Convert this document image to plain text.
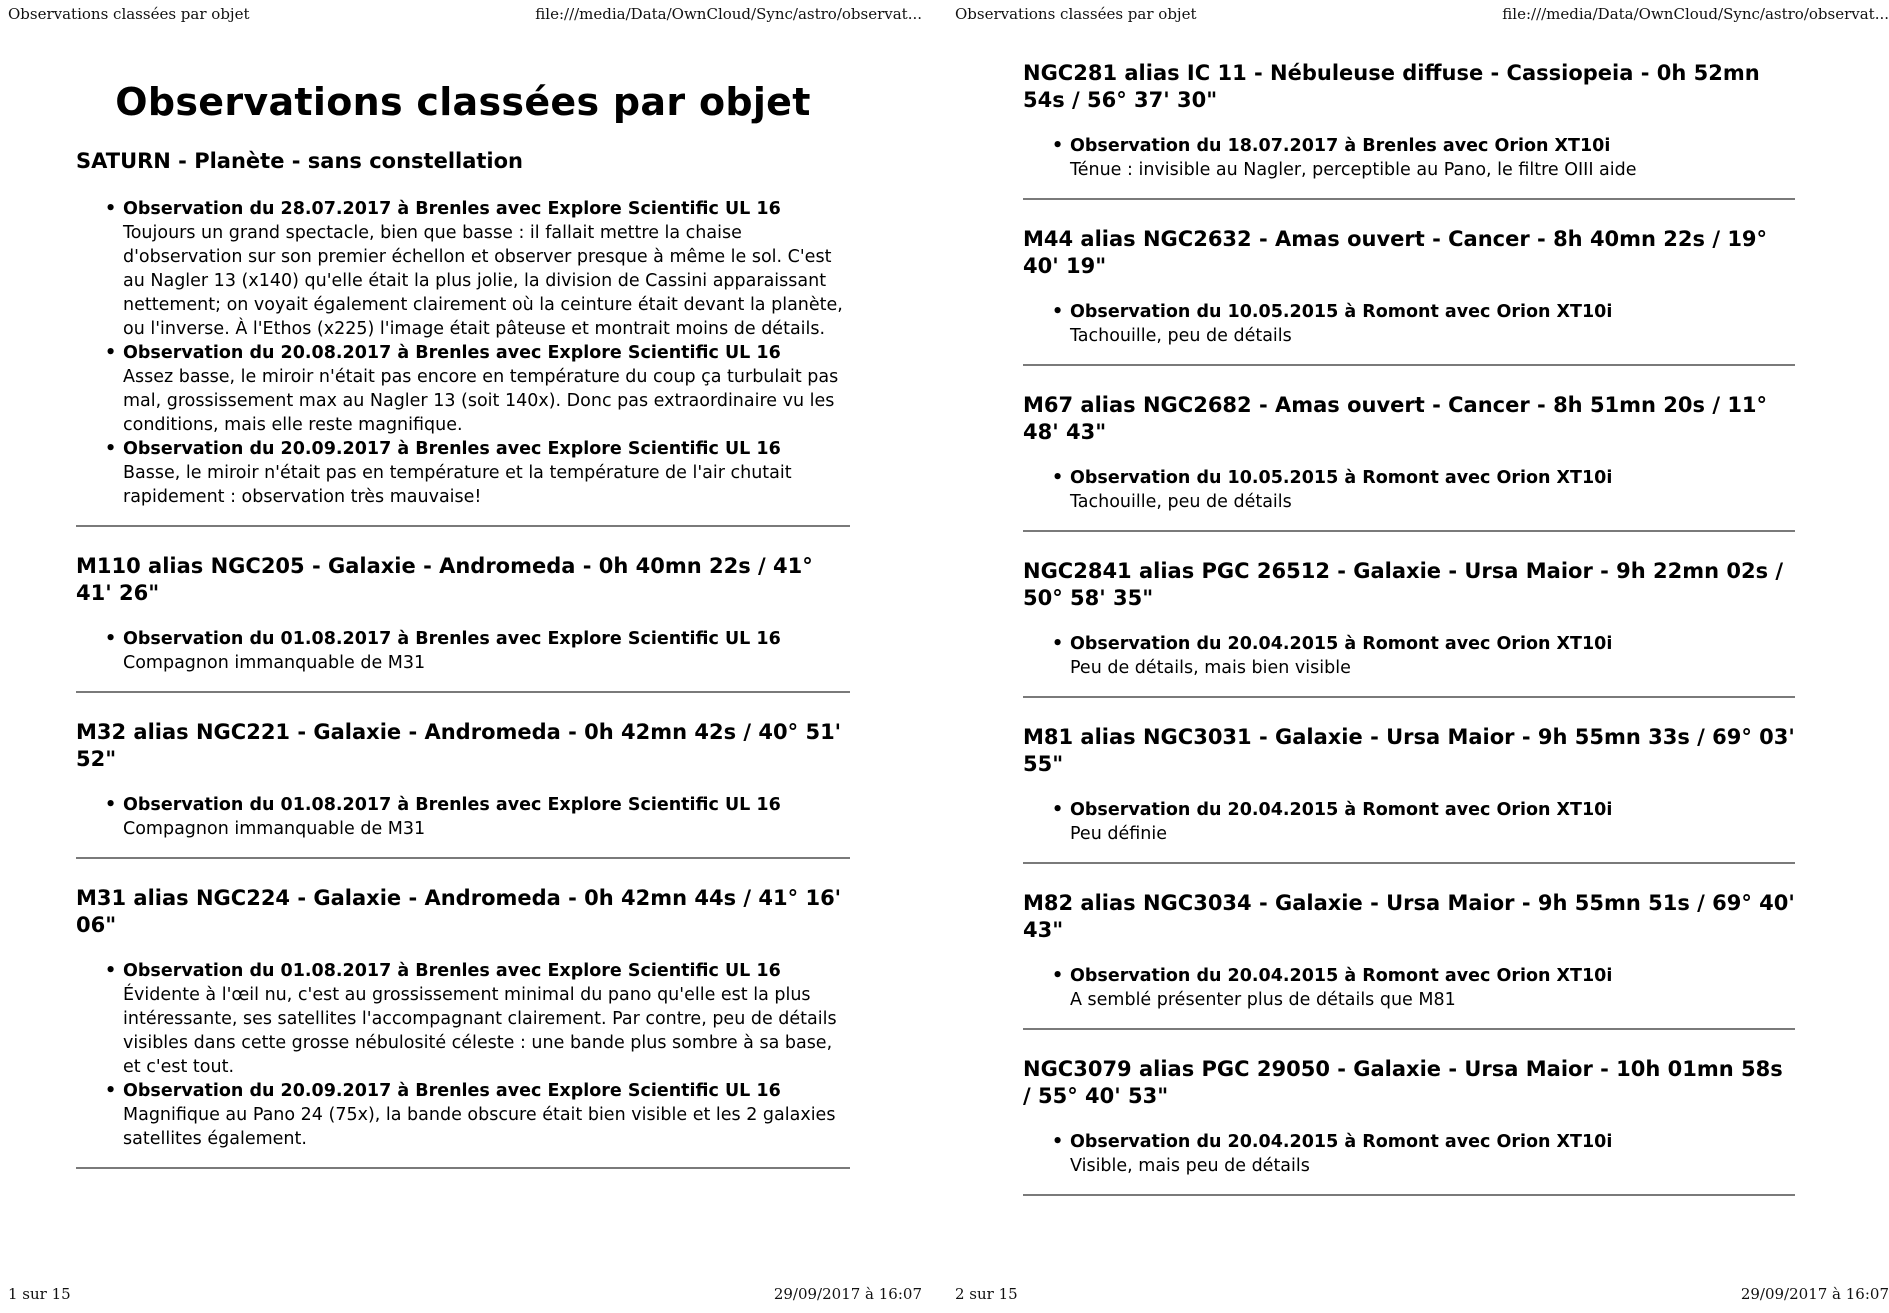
Observations classées par objet	file:///media/Data/OwnCloud/Sync/astro/observat...
Observations classées par objet
SATURN - Planète - sans constellation
• Observation du 28.07.2017 à Brenles avec Explore Scientific UL 16
Toujours un grand spectacle, bien que basse : il fallait mettre la chaise d'observation sur son premier échellon et observer presque à même le sol. C'est au Nagler 13 (x140) qu'elle était la plus jolie, la division de Cassini apparaissant nettement; on voyait également clairement où la ceinture était devant la planète, ou l'inverse. À l'Ethos (x225) l'image était pâteuse et montrait moins de détails.
• Observation du 20.08.2017 à Brenles avec Explore Scientific UL 16
Assez basse, le miroir n'était pas encore en température du coup ça turbulait pas mal, grossissement max au Nagler 13 (soit 140x). Donc pas extraordinaire vu les conditions, mais elle reste magnifique.
• Observation du 20.09.2017 à Brenles avec Explore Scientific UL 16
Basse, le miroir n'était pas en température et la température de l'air chutait rapidement : observation très mauvaise!
M110 alias NGC205 - Galaxie - Andromeda - 0h 40mn 22s / 41° 41' 26"
• Observation du 01.08.2017 à Brenles avec Explore Scientific UL 16
Compagnon immanquable de M31
M32 alias NGC221 - Galaxie - Andromeda - 0h 42mn 42s / 40° 51' 52"
• Observation du 01.08.2017 à Brenles avec Explore Scientific UL 16
Compagnon immanquable de M31
M31 alias NGC224 - Galaxie - Andromeda - 0h 42mn 44s / 41° 16' 06"
• Observation du 01.08.2017 à Brenles avec Explore Scientific UL 16
Évidente à l'œil nu, c'est au grossissement minimal du pano qu'elle est la plus intéressante, ses satellites l'accompagnant clairement. Par contre, peu de détails visibles dans cette grosse nébulosité céleste : une bande plus sombre à sa base, et c'est tout.
• Observation du 20.09.2017 à Brenles avec Explore Scientific UL 16
Magnifique au Pano 24 (75x), la bande obscure était bien visible et les 2 galaxies satellites également.
1 sur 15	29/09/2017 à 16:07
Observations classées par objet	file:///media/Data/OwnCloud/Sync/astro/observat...
NGC281 alias IC 11 - Nébuleuse diffuse - Cassiopeia - 0h 52mn 54s / 56° 37' 30"
• Observation du 18.07.2017 à Brenles avec Orion XT10i
Ténue : invisible au Nagler, perceptible au Pano, le filtre OIII aide
M44 alias NGC2632 - Amas ouvert - Cancer - 8h 40mn 22s / 19° 40' 19"
• Observation du 10.05.2015 à Romont avec Orion XT10i
Tachouille, peu de détails
M67 alias NGC2682 - Amas ouvert - Cancer - 8h 51mn 20s / 11° 48' 43"
• Observation du 10.05.2015 à Romont avec Orion XT10i
Tachouille, peu de détails
NGC2841 alias PGC 26512 - Galaxie - Ursa Maior - 9h 22mn 02s / 50° 58' 35"
• Observation du 20.04.2015 à Romont avec Orion XT10i
Peu de détails, mais bien visible
M81 alias NGC3031 - Galaxie - Ursa Maior - 9h 55mn 33s / 69° 03' 55"
• Observation du 20.04.2015 à Romont avec Orion XT10i
Peu définie
M82 alias NGC3034 - Galaxie - Ursa Maior - 9h 55mn 51s / 69° 40' 43"
• Observation du 20.04.2015 à Romont avec Orion XT10i
A semblé présenter plus de détails que M81
NGC3079 alias PGC 29050 - Galaxie - Ursa Maior - 10h 01mn 58s / 55° 40' 53"
• Observation du 20.04.2015 à Romont avec Orion XT10i
Visible, mais peu de détails
2 sur 15	29/09/2017 à 16:07
